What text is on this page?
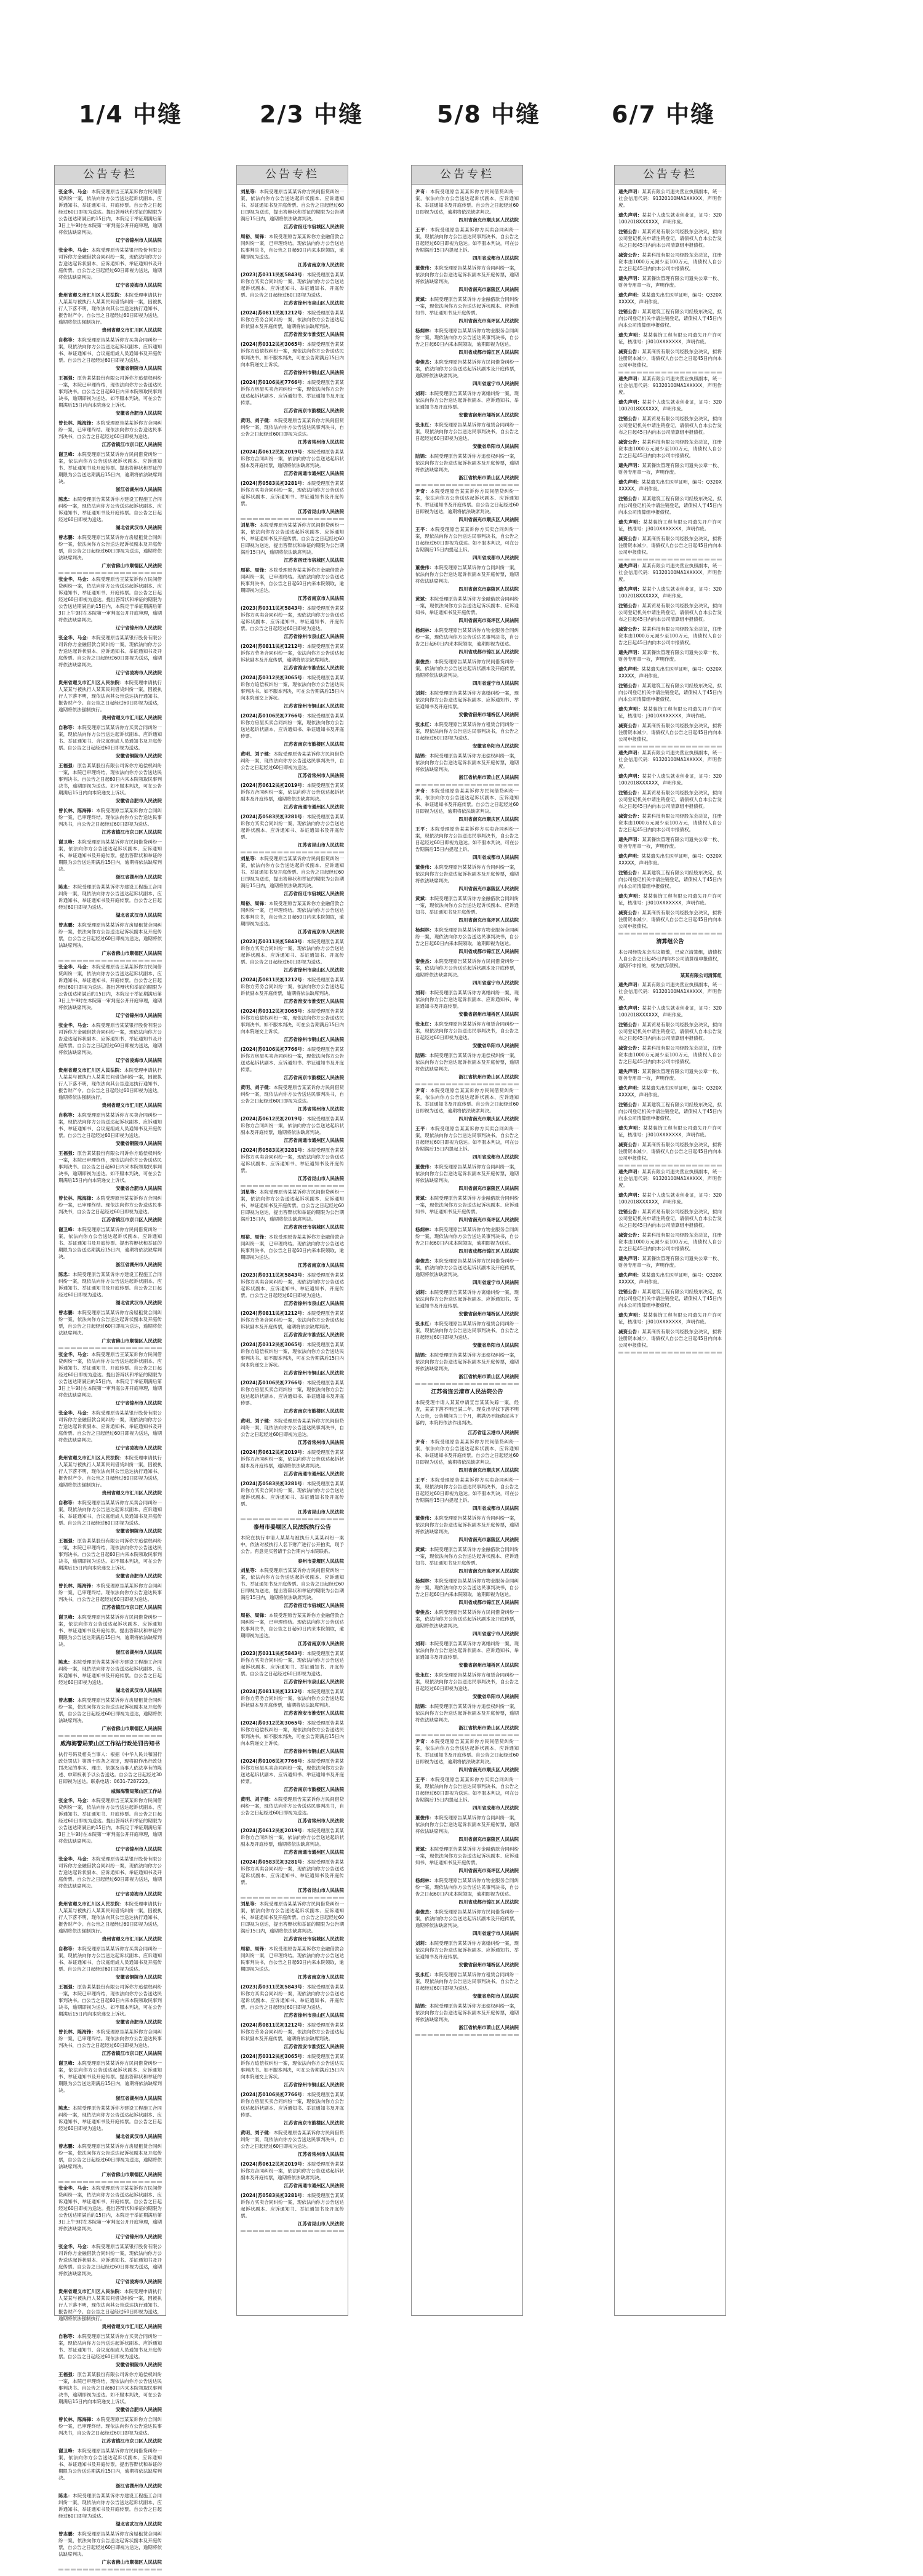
1/4 中缝
公告专栏
张金华、马金：本院受理原告王某某诉你方民间借贷纠纷一案，依法向你方公告送达起诉状副本、应诉通知书、举证通知书、开庭传票。自公告之日起经过60日即视为送达。提出答辩状和举证的期限为公告送达期满后的15日内，本院定于举证期满后第3日上午9时在本院第一审判庭公开开庭审理，逾期将依法缺席判决。
辽宁省锦州市人民法院
张金华、马金：本院受理原告某某银行股份有限公司诉你方金融借款合同纠纷一案，现依法向你方公告送达起诉状副本、应诉通知书、举证通知书及开庭传票。自公告之日起经过60日即视为送达，逾期将依法缺席判决。
辽宁省凌海市人民法院
贵州省遵义市汇川区人民法院：本院受理申请执行人某某与被执行人某某民间借贷纠纷一案，因被执行人下落不明，现依法向其公告送达执行通知书、报告财产令。自公告之日起经过60日即视为送达，逾期将依法强制执行。
贵州省遵义市汇川区人民法院
自称等：本院受理原告某某诉你方买卖合同纠纷一案，现依法向你方公告送达起诉状副本、应诉通知书、举证通知书、合议庭组成人员通知书及开庭传票。自公告之日起经过60日即视为送达。
安徽省铜陵市人民法院
王福强：原告某某股份有限公司诉你方追偿权纠纷一案，本院已审理终结，现依法向你方公告送达民事判决书。自公告之日起60日内来本院领取民事判决书，逾期即视为送达。如不服本判决，可在公告期满后15日内向本院递交上诉状。
安徽省合肥市人民法院
曾长林、陈海锋：本院受理原告某某诉你方合同纠纷一案，已审理终结。现依法向你方公告送达民事判决书，自公告之日起经过60日即视为送达。
江苏省镇江市京口区人民法院
谢卫峰：本院受理原告某某诉你方民间借贷纠纷一案，依法向你方公告送达起诉状副本、应诉通知书、举证通知书及开庭传票。提出答辩状和举证的期限为公告送达期满后15日内，逾期将依法缺席判决。
浙江省湖州市人民法院
陈忠：本院受理原告某某诉你方建设工程施工合同纠纷一案，现依法向你方公告送达起诉状副本、应诉通知书、举证通知书及开庭传票。自公告之日起经过60日即视为送达。
湖北省武汉市人民法院
曾志鹏：本院受理原告某某诉你方房屋租赁合同纠纷一案，依法向你方公告送达起诉状副本及开庭传票，自公告之日起经过60日即视为送达，逾期将依法缺席判决。
广东省佛山市顺德区人民法院
张金华、马金：本院受理原告王某某诉你方民间借贷纠纷一案，依法向你方公告送达起诉状副本、应诉通知书、举证通知书、开庭传票。自公告之日起经过60日即视为送达。提出答辩状和举证的期限为公告送达期满后的15日内，本院定于举证期满后第3日上午9时在本院第一审判庭公开开庭审理，逾期将依法缺席判决。
辽宁省锦州市人民法院
张金华、马金：本院受理原告某某银行股份有限公司诉你方金融借款合同纠纷一案，现依法向你方公告送达起诉状副本、应诉通知书、举证通知书及开庭传票。自公告之日起经过60日即视为送达，逾期将依法缺席判决。
辽宁省凌海市人民法院
贵州省遵义市汇川区人民法院：本院受理申请执行人某某与被执行人某某民间借贷纠纷一案，因被执行人下落不明，现依法向其公告送达执行通知书、报告财产令。自公告之日起经过60日即视为送达，逾期将依法强制执行。
贵州省遵义市汇川区人民法院
自称等：本院受理原告某某诉你方买卖合同纠纷一案，现依法向你方公告送达起诉状副本、应诉通知书、举证通知书、合议庭组成人员通知书及开庭传票。自公告之日起经过60日即视为送达。
安徽省铜陵市人民法院
王福强：原告某某股份有限公司诉你方追偿权纠纷一案，本院已审理终结，现依法向你方公告送达民事判决书。自公告之日起60日内来本院领取民事判决书，逾期即视为送达。如不服本判决，可在公告期满后15日内向本院递交上诉状。
安徽省合肥市人民法院
曾长林、陈海锋：本院受理原告某某诉你方合同纠纷一案，已审理终结。现依法向你方公告送达民事判决书，自公告之日起经过60日即视为送达。
江苏省镇江市京口区人民法院
谢卫峰：本院受理原告某某诉你方民间借贷纠纷一案，依法向你方公告送达起诉状副本、应诉通知书、举证通知书及开庭传票。提出答辩状和举证的期限为公告送达期满后15日内，逾期将依法缺席判决。
浙江省湖州市人民法院
陈忠：本院受理原告某某诉你方建设工程施工合同纠纷一案，现依法向你方公告送达起诉状副本、应诉通知书、举证通知书及开庭传票。自公告之日起经过60日即视为送达。
湖北省武汉市人民法院
曾志鹏：本院受理原告某某诉你方房屋租赁合同纠纷一案，依法向你方公告送达起诉状副本及开庭传票，自公告之日起经过60日即视为送达，逾期将依法缺席判决。
广东省佛山市顺德区人民法院
张金华、马金：本院受理原告王某某诉你方民间借贷纠纷一案，依法向你方公告送达起诉状副本、应诉通知书、举证通知书、开庭传票。自公告之日起经过60日即视为送达。提出答辩状和举证的期限为公告送达期满后的15日内，本院定于举证期满后第3日上午9时在本院第一审判庭公开开庭审理，逾期将依法缺席判决。
辽宁省锦州市人民法院
张金华、马金：本院受理原告某某银行股份有限公司诉你方金融借款合同纠纷一案，现依法向你方公告送达起诉状副本、应诉通知书、举证通知书及开庭传票。自公告之日起经过60日即视为送达，逾期将依法缺席判决。
辽宁省凌海市人民法院
贵州省遵义市汇川区人民法院：本院受理申请执行人某某与被执行人某某民间借贷纠纷一案，因被执行人下落不明，现依法向其公告送达执行通知书、报告财产令。自公告之日起经过60日即视为送达，逾期将依法强制执行。
贵州省遵义市汇川区人民法院
自称等：本院受理原告某某诉你方买卖合同纠纷一案，现依法向你方公告送达起诉状副本、应诉通知书、举证通知书、合议庭组成人员通知书及开庭传票。自公告之日起经过60日即视为送达。
安徽省铜陵市人民法院
王福强：原告某某股份有限公司诉你方追偿权纠纷一案，本院已审理终结，现依法向你方公告送达民事判决书。自公告之日起60日内来本院领取民事判决书，逾期即视为送达。如不服本判决，可在公告期满后15日内向本院递交上诉状。
安徽省合肥市人民法院
曾长林、陈海锋：本院受理原告某某诉你方合同纠纷一案，已审理终结。现依法向你方公告送达民事判决书，自公告之日起经过60日即视为送达。
江苏省镇江市京口区人民法院
谢卫峰：本院受理原告某某诉你方民间借贷纠纷一案，依法向你方公告送达起诉状副本、应诉通知书、举证通知书及开庭传票。提出答辩状和举证的期限为公告送达期满后15日内，逾期将依法缺席判决。
浙江省湖州市人民法院
陈忠：本院受理原告某某诉你方建设工程施工合同纠纷一案，现依法向你方公告送达起诉状副本、应诉通知书、举证通知书及开庭传票。自公告之日起经过60日即视为送达。
湖北省武汉市人民法院
曾志鹏：本院受理原告某某诉你方房屋租赁合同纠纷一案，依法向你方公告送达起诉状副本及开庭传票，自公告之日起经过60日即视为送达，逾期将依法缺席判决。
广东省佛山市顺德区人民法院
张金华、马金：本院受理原告王某某诉你方民间借贷纠纷一案，依法向你方公告送达起诉状副本、应诉通知书、举证通知书、开庭传票。自公告之日起经过60日即视为送达。提出答辩状和举证的期限为公告送达期满后的15日内，本院定于举证期满后第3日上午9时在本院第一审判庭公开开庭审理，逾期将依法缺席判决。
辽宁省锦州市人民法院
张金华、马金：本院受理原告某某银行股份有限公司诉你方金融借款合同纠纷一案，现依法向你方公告送达起诉状副本、应诉通知书、举证通知书及开庭传票。自公告之日起经过60日即视为送达，逾期将依法缺席判决。
辽宁省凌海市人民法院
贵州省遵义市汇川区人民法院：本院受理申请执行人某某与被执行人某某民间借贷纠纷一案，因被执行人下落不明，现依法向其公告送达执行通知书、报告财产令。自公告之日起经过60日即视为送达，逾期将依法强制执行。
贵州省遵义市汇川区人民法院
自称等：本院受理原告某某诉你方买卖合同纠纷一案，现依法向你方公告送达起诉状副本、应诉通知书、举证通知书、合议庭组成人员通知书及开庭传票。自公告之日起经过60日即视为送达。
安徽省铜陵市人民法院
王福强：原告某某股份有限公司诉你方追偿权纠纷一案，本院已审理终结，现依法向你方公告送达民事判决书。自公告之日起60日内来本院领取民事判决书，逾期即视为送达。如不服本判决，可在公告期满后15日内向本院递交上诉状。
安徽省合肥市人民法院
曾长林、陈海锋：本院受理原告某某诉你方合同纠纷一案，已审理终结。现依法向你方公告送达民事判决书，自公告之日起经过60日即视为送达。
江苏省镇江市京口区人民法院
谢卫峰：本院受理原告某某诉你方民间借贷纠纷一案，依法向你方公告送达起诉状副本、应诉通知书、举证通知书及开庭传票。提出答辩状和举证的期限为公告送达期满后15日内，逾期将依法缺席判决。
浙江省湖州市人民法院
陈忠：本院受理原告某某诉你方建设工程施工合同纠纷一案，现依法向你方公告送达起诉状副本、应诉通知书、举证通知书及开庭传票。自公告之日起经过60日即视为送达。
湖北省武汉市人民法院
曾志鹏：本院受理原告某某诉你方房屋租赁合同纠纷一案，依法向你方公告送达起诉状副本及开庭传票，自公告之日起经过60日即视为送达，逾期将依法缺席判决。
广东省佛山市顺德区人民法院
威海海警局莱山区工作站行政处罚告知书
执行号码及相关当事人：根据《中华人民共和国行政处罚法》第四十四条之规定，现将拟作出行政处罚决定的事实、理由、依据及当事人依法享有的陈述、申辩权利予以公告送达。自公告之日起经过30日即视为送达。联系电话：0631-7287223。
威海海警局莱山区工作站
张金华、马金：本院受理原告王某某诉你方民间借贷纠纷一案，依法向你方公告送达起诉状副本、应诉通知书、举证通知书、开庭传票。自公告之日起经过60日即视为送达。提出答辩状和举证的期限为公告送达期满后的15日内，本院定于举证期满后第3日上午9时在本院第一审判庭公开开庭审理，逾期将依法缺席判决。
辽宁省锦州市人民法院
张金华、马金：本院受理原告某某银行股份有限公司诉你方金融借款合同纠纷一案，现依法向你方公告送达起诉状副本、应诉通知书、举证通知书及开庭传票。自公告之日起经过60日即视为送达，逾期将依法缺席判决。
辽宁省凌海市人民法院
贵州省遵义市汇川区人民法院：本院受理申请执行人某某与被执行人某某民间借贷纠纷一案，因被执行人下落不明，现依法向其公告送达执行通知书、报告财产令。自公告之日起经过60日即视为送达，逾期将依法强制执行。
贵州省遵义市汇川区人民法院
自称等：本院受理原告某某诉你方买卖合同纠纷一案，现依法向你方公告送达起诉状副本、应诉通知书、举证通知书、合议庭组成人员通知书及开庭传票。自公告之日起经过60日即视为送达。
安徽省铜陵市人民法院
王福强：原告某某股份有限公司诉你方追偿权纠纷一案，本院已审理终结，现依法向你方公告送达民事判决书。自公告之日起60日内来本院领取民事判决书，逾期即视为送达。如不服本判决，可在公告期满后15日内向本院递交上诉状。
安徽省合肥市人民法院
曾长林、陈海锋：本院受理原告某某诉你方合同纠纷一案，已审理终结。现依法向你方公告送达民事判决书，自公告之日起经过60日即视为送达。
江苏省镇江市京口区人民法院
谢卫峰：本院受理原告某某诉你方民间借贷纠纷一案，依法向你方公告送达起诉状副本、应诉通知书、举证通知书及开庭传票。提出答辩状和举证的期限为公告送达期满后15日内，逾期将依法缺席判决。
浙江省湖州市人民法院
陈忠：本院受理原告某某诉你方建设工程施工合同纠纷一案，现依法向你方公告送达起诉状副本、应诉通知书、举证通知书及开庭传票。自公告之日起经过60日即视为送达。
湖北省武汉市人民法院
曾志鹏：本院受理原告某某诉你方房屋租赁合同纠纷一案，依法向你方公告送达起诉状副本及开庭传票，自公告之日起经过60日即视为送达，逾期将依法缺席判决。
广东省佛山市顺德区人民法院
张金华、马金：本院受理原告王某某诉你方民间借贷纠纷一案，依法向你方公告送达起诉状副本、应诉通知书、举证通知书、开庭传票。自公告之日起经过60日即视为送达。提出答辩状和举证的期限为公告送达期满后的15日内，本院定于举证期满后第3日上午9时在本院第一审判庭公开开庭审理，逾期将依法缺席判决。
辽宁省锦州市人民法院
张金华、马金：本院受理原告某某银行股份有限公司诉你方金融借款合同纠纷一案，现依法向你方公告送达起诉状副本、应诉通知书、举证通知书及开庭传票。自公告之日起经过60日即视为送达，逾期将依法缺席判决。
辽宁省凌海市人民法院
贵州省遵义市汇川区人民法院：本院受理申请执行人某某与被执行人某某民间借贷纠纷一案，因被执行人下落不明，现依法向其公告送达执行通知书、报告财产令。自公告之日起经过60日即视为送达，逾期将依法强制执行。
贵州省遵义市汇川区人民法院
自称等：本院受理原告某某诉你方买卖合同纠纷一案，现依法向你方公告送达起诉状副本、应诉通知书、举证通知书、合议庭组成人员通知书及开庭传票。自公告之日起经过60日即视为送达。
安徽省铜陵市人民法院
王福强：原告某某股份有限公司诉你方追偿权纠纷一案，本院已审理终结，现依法向你方公告送达民事判决书。自公告之日起60日内来本院领取民事判决书，逾期即视为送达。如不服本判决，可在公告期满后15日内向本院递交上诉状。
安徽省合肥市人民法院
曾长林、陈海锋：本院受理原告某某诉你方合同纠纷一案，已审理终结。现依法向你方公告送达民事判决书，自公告之日起经过60日即视为送达。
江苏省镇江市京口区人民法院
谢卫峰：本院受理原告某某诉你方民间借贷纠纷一案，依法向你方公告送达起诉状副本、应诉通知书、举证通知书及开庭传票。提出答辩状和举证的期限为公告送达期满后15日内，逾期将依法缺席判决。
浙江省湖州市人民法院
陈忠：本院受理原告某某诉你方建设工程施工合同纠纷一案，现依法向你方公告送达起诉状副本、应诉通知书、举证通知书及开庭传票。自公告之日起经过60日即视为送达。
湖北省武汉市人民法院
曾志鹏：本院受理原告某某诉你方房屋租赁合同纠纷一案，依法向你方公告送达起诉状副本及开庭传票，自公告之日起经过60日即视为送达，逾期将依法缺席判决。
广东省佛山市顺德区人民法院
2/3 中缝
公告专栏
刘星等：本院受理原告某某诉你方民间借贷纠纷一案，依法向你方公告送达起诉状副本、应诉通知书、举证通知书及开庭传票。自公告之日起经过60日即视为送达，提出答辩状和举证的期限为公告期满后15日内，逾期将依法缺席判决。
江苏省宿迁市宿城区人民法院
周裕、周锋：本院受理原告某某诉你方金融借款合同纠纷一案，已审理终结。现依法向你方公告送达民事判决书，自公告之日起60日内来本院领取，逾期即视为送达。
江苏省南京市人民法院
(2023)苏0311民初5843号：本院受理原告某某诉你方买卖合同纠纷一案，现依法向你方公告送达起诉状副本、应诉通知书、举证通知书、开庭传票。自公告之日起经过60日即视为送达。
江苏省徐州市泉山区人民法院
(2024)苏0811民初1212号：本院受理原告某某诉你方劳务合同纠纷一案，依法向你方公告送达起诉状副本及开庭传票，逾期将依法缺席判决。
江苏省淮安市淮安区人民法院
(2024)苏0312民初3065号：本院受理原告某某诉你方追偿权纠纷一案，现依法向你方公告送达民事判决书。如不服本判决，可在公告期满后15日内向本院递交上诉状。
江苏省徐州市铜山区人民法院
(2024)苏0106民初7766号：本院受理原告某某诉你方房屋买卖合同纠纷一案，现依法向你方公告送达起诉状副本、应诉通知书、举证通知书及开庭传票。
江苏省南京市鼓楼区人民法院
黄明、刘子健：本院受理原告某某诉你方民间借贷纠纷一案，现依法向你方公告送达民事判决书，自公告之日起经过60日即视为送达。
江苏省常州市人民法院
(2024)苏0612民初2019号：本院受理原告某某诉你方合同纠纷一案，依法向你方公告送达起诉状副本及开庭传票，逾期将依法缺席判决。
江苏省南通市通州区人民法院
(2024)苏0583民初3281号：本院受理原告某某诉你方买卖合同纠纷一案，现依法向你方公告送达起诉状副本、应诉通知书、举证通知书及开庭传票。
江苏省昆山市人民法院
刘星等：本院受理原告某某诉你方民间借贷纠纷一案，依法向你方公告送达起诉状副本、应诉通知书、举证通知书及开庭传票。自公告之日起经过60日即视为送达，提出答辩状和举证的期限为公告期满后15日内，逾期将依法缺席判决。
江苏省宿迁市宿城区人民法院
周裕、周锋：本院受理原告某某诉你方金融借款合同纠纷一案，已审理终结。现依法向你方公告送达民事判决书，自公告之日起60日内来本院领取，逾期即视为送达。
江苏省南京市人民法院
(2023)苏0311民初5843号：本院受理原告某某诉你方买卖合同纠纷一案，现依法向你方公告送达起诉状副本、应诉通知书、举证通知书、开庭传票。自公告之日起经过60日即视为送达。
江苏省徐州市泉山区人民法院
(2024)苏0811民初1212号：本院受理原告某某诉你方劳务合同纠纷一案，依法向你方公告送达起诉状副本及开庭传票，逾期将依法缺席判决。
江苏省淮安市淮安区人民法院
(2024)苏0312民初3065号：本院受理原告某某诉你方追偿权纠纷一案，现依法向你方公告送达民事判决书。如不服本判决，可在公告期满后15日内向本院递交上诉状。
江苏省徐州市铜山区人民法院
(2024)苏0106民初7766号：本院受理原告某某诉你方房屋买卖合同纠纷一案，现依法向你方公告送达起诉状副本、应诉通知书、举证通知书及开庭传票。
江苏省南京市鼓楼区人民法院
黄明、刘子健：本院受理原告某某诉你方民间借贷纠纷一案，现依法向你方公告送达民事判决书，自公告之日起经过60日即视为送达。
江苏省常州市人民法院
(2024)苏0612民初2019号：本院受理原告某某诉你方合同纠纷一案，依法向你方公告送达起诉状副本及开庭传票，逾期将依法缺席判决。
江苏省南通市通州区人民法院
(2024)苏0583民初3281号：本院受理原告某某诉你方买卖合同纠纷一案，现依法向你方公告送达起诉状副本、应诉通知书、举证通知书及开庭传票。
江苏省昆山市人民法院
刘星等：本院受理原告某某诉你方民间借贷纠纷一案，依法向你方公告送达起诉状副本、应诉通知书、举证通知书及开庭传票。自公告之日起经过60日即视为送达，提出答辩状和举证的期限为公告期满后15日内，逾期将依法缺席判决。
江苏省宿迁市宿城区人民法院
周裕、周锋：本院受理原告某某诉你方金融借款合同纠纷一案，已审理终结。现依法向你方公告送达民事判决书，自公告之日起60日内来本院领取，逾期即视为送达。
江苏省南京市人民法院
(2023)苏0311民初5843号：本院受理原告某某诉你方买卖合同纠纷一案，现依法向你方公告送达起诉状副本、应诉通知书、举证通知书、开庭传票。自公告之日起经过60日即视为送达。
江苏省徐州市泉山区人民法院
(2024)苏0811民初1212号：本院受理原告某某诉你方劳务合同纠纷一案，依法向你方公告送达起诉状副本及开庭传票，逾期将依法缺席判决。
江苏省淮安市淮安区人民法院
(2024)苏0312民初3065号：本院受理原告某某诉你方追偿权纠纷一案，现依法向你方公告送达民事判决书。如不服本判决，可在公告期满后15日内向本院递交上诉状。
江苏省徐州市铜山区人民法院
(2024)苏0106民初7766号：本院受理原告某某诉你方房屋买卖合同纠纷一案，现依法向你方公告送达起诉状副本、应诉通知书、举证通知书及开庭传票。
江苏省南京市鼓楼区人民法院
黄明、刘子健：本院受理原告某某诉你方民间借贷纠纷一案，现依法向你方公告送达民事判决书，自公告之日起经过60日即视为送达。
江苏省常州市人民法院
(2024)苏0612民初2019号：本院受理原告某某诉你方合同纠纷一案，依法向你方公告送达起诉状副本及开庭传票，逾期将依法缺席判决。
江苏省南通市通州区人民法院
(2024)苏0583民初3281号：本院受理原告某某诉你方买卖合同纠纷一案，现依法向你方公告送达起诉状副本、应诉通知书、举证通知书及开庭传票。
江苏省昆山市人民法院
刘星等：本院受理原告某某诉你方民间借贷纠纷一案，依法向你方公告送达起诉状副本、应诉通知书、举证通知书及开庭传票。自公告之日起经过60日即视为送达，提出答辩状和举证的期限为公告期满后15日内，逾期将依法缺席判决。
江苏省宿迁市宿城区人民法院
周裕、周锋：本院受理原告某某诉你方金融借款合同纠纷一案，已审理终结。现依法向你方公告送达民事判决书，自公告之日起60日内来本院领取，逾期即视为送达。
江苏省南京市人民法院
(2023)苏0311民初5843号：本院受理原告某某诉你方买卖合同纠纷一案，现依法向你方公告送达起诉状副本、应诉通知书、举证通知书、开庭传票。自公告之日起经过60日即视为送达。
江苏省徐州市泉山区人民法院
(2024)苏0811民初1212号：本院受理原告某某诉你方劳务合同纠纷一案，依法向你方公告送达起诉状副本及开庭传票，逾期将依法缺席判决。
江苏省淮安市淮安区人民法院
(2024)苏0312民初3065号：本院受理原告某某诉你方追偿权纠纷一案，现依法向你方公告送达民事判决书。如不服本判决，可在公告期满后15日内向本院递交上诉状。
江苏省徐州市铜山区人民法院
(2024)苏0106民初7766号：本院受理原告某某诉你方房屋买卖合同纠纷一案，现依法向你方公告送达起诉状副本、应诉通知书、举证通知书及开庭传票。
江苏省南京市鼓楼区人民法院
黄明、刘子健：本院受理原告某某诉你方民间借贷纠纷一案，现依法向你方公告送达民事判决书，自公告之日起经过60日即视为送达。
江苏省常州市人民法院
(2024)苏0612民初2019号：本院受理原告某某诉你方合同纠纷一案，依法向你方公告送达起诉状副本及开庭传票，逾期将依法缺席判决。
江苏省南通市通州区人民法院
(2024)苏0583民初3281号：本院受理原告某某诉你方买卖合同纠纷一案，现依法向你方公告送达起诉状副本、应诉通知书、举证通知书及开庭传票。
江苏省昆山市人民法院
泰州市姜堰区人民法院执行公告
本院在执行申请人某某与被执行人某某纠纷一案中，依法对被执行人名下财产进行公开拍卖，现予公告。有意竞买者请于公告期内与本院联系。
泰州市姜堰区人民法院
刘星等：本院受理原告某某诉你方民间借贷纠纷一案，依法向你方公告送达起诉状副本、应诉通知书、举证通知书及开庭传票。自公告之日起经过60日即视为送达，提出答辩状和举证的期限为公告期满后15日内，逾期将依法缺席判决。
江苏省宿迁市宿城区人民法院
周裕、周锋：本院受理原告某某诉你方金融借款合同纠纷一案，已审理终结。现依法向你方公告送达民事判决书，自公告之日起60日内来本院领取，逾期即视为送达。
江苏省南京市人民法院
(2023)苏0311民初5843号：本院受理原告某某诉你方买卖合同纠纷一案，现依法向你方公告送达起诉状副本、应诉通知书、举证通知书、开庭传票。自公告之日起经过60日即视为送达。
江苏省徐州市泉山区人民法院
(2024)苏0811民初1212号：本院受理原告某某诉你方劳务合同纠纷一案，依法向你方公告送达起诉状副本及开庭传票，逾期将依法缺席判决。
江苏省淮安市淮安区人民法院
(2024)苏0312民初3065号：本院受理原告某某诉你方追偿权纠纷一案，现依法向你方公告送达民事判决书。如不服本判决，可在公告期满后15日内向本院递交上诉状。
江苏省徐州市铜山区人民法院
(2024)苏0106民初7766号：本院受理原告某某诉你方房屋买卖合同纠纷一案，现依法向你方公告送达起诉状副本、应诉通知书、举证通知书及开庭传票。
江苏省南京市鼓楼区人民法院
黄明、刘子健：本院受理原告某某诉你方民间借贷纠纷一案，现依法向你方公告送达民事判决书，自公告之日起经过60日即视为送达。
江苏省常州市人民法院
(2024)苏0612民初2019号：本院受理原告某某诉你方合同纠纷一案，依法向你方公告送达起诉状副本及开庭传票，逾期将依法缺席判决。
江苏省南通市通州区人民法院
(2024)苏0583民初3281号：本院受理原告某某诉你方买卖合同纠纷一案，现依法向你方公告送达起诉状副本、应诉通知书、举证通知书及开庭传票。
江苏省昆山市人民法院
刘星等：本院受理原告某某诉你方民间借贷纠纷一案，依法向你方公告送达起诉状副本、应诉通知书、举证通知书及开庭传票。自公告之日起经过60日即视为送达，提出答辩状和举证的期限为公告期满后15日内，逾期将依法缺席判决。
江苏省宿迁市宿城区人民法院
周裕、周锋：本院受理原告某某诉你方金融借款合同纠纷一案，已审理终结。现依法向你方公告送达民事判决书，自公告之日起60日内来本院领取，逾期即视为送达。
江苏省南京市人民法院
(2023)苏0311民初5843号：本院受理原告某某诉你方买卖合同纠纷一案，现依法向你方公告送达起诉状副本、应诉通知书、举证通知书、开庭传票。自公告之日起经过60日即视为送达。
江苏省徐州市泉山区人民法院
(2024)苏0811民初1212号：本院受理原告某某诉你方劳务合同纠纷一案，依法向你方公告送达起诉状副本及开庭传票，逾期将依法缺席判决。
江苏省淮安市淮安区人民法院
(2024)苏0312民初3065号：本院受理原告某某诉你方追偿权纠纷一案，现依法向你方公告送达民事判决书。如不服本判决，可在公告期满后15日内向本院递交上诉状。
江苏省徐州市铜山区人民法院
(2024)苏0106民初7766号：本院受理原告某某诉你方房屋买卖合同纠纷一案，现依法向你方公告送达起诉状副本、应诉通知书、举证通知书及开庭传票。
江苏省南京市鼓楼区人民法院
黄明、刘子健：本院受理原告某某诉你方民间借贷纠纷一案，现依法向你方公告送达民事判决书，自公告之日起经过60日即视为送达。
江苏省常州市人民法院
(2024)苏0612民初2019号：本院受理原告某某诉你方合同纠纷一案，依法向你方公告送达起诉状副本及开庭传票，逾期将依法缺席判决。
江苏省南通市通州区人民法院
(2024)苏0583民初3281号：本院受理原告某某诉你方买卖合同纠纷一案，现依法向你方公告送达起诉状副本、应诉通知书、举证通知书及开庭传票。
江苏省昆山市人民法院
5/8 中缝
公告专栏
尹奇：本院受理原告某某诉你方民间借贷纠纷一案，依法向你方公告送达起诉状副本、应诉通知书、举证通知书及开庭传票。自公告之日起经过60日即视为送达，逾期将依法缺席判决。
四川省南充市顺庆区人民法院
王平：本院受理原告某某诉你方买卖合同纠纷一案，现依法向你方公告送达民事判决书，自公告之日起经过60日即视为送达。如不服本判决，可在公告期满后15日内提起上诉。
四川省成都市人民法院
董俊伟：本院受理原告某某诉你方合同纠纷一案，依法向你方公告送达起诉状副本及开庭传票，逾期将依法缺席判决。
四川省南充市嘉陵区人民法院
黄斌：本院受理原告某某诉你方金融借款合同纠纷一案，现依法向你方公告送达起诉状副本、应诉通知书、举证通知书及开庭传票。
四川省南充市高坪区人民法院
杨炳林：本院受理原告某某诉你方物业服务合同纠纷一案，现依法向你方公告送达民事判决书，自公告之日起60日内来本院领取，逾期即视为送达。
四川省成都市锦江区人民法院
秦俊杰：本院受理原告某某诉你方民间借贷纠纷一案，依法向你方公告送达起诉状副本及开庭传票，逾期将依法缺席判决。
四川省遂宁市人民法院
刘莉：本院受理原告某某诉你方离婚纠纷一案，现依法向你方公告送达起诉状副本、应诉通知书、举证通知书及开庭传票。
安徽省宿州市埇桥区人民法院
张永红：本院受理原告某某诉你方租赁合同纠纷一案，现依法向你方公告送达民事判决书，自公告之日起经过60日即视为送达。
安徽省阜阳市人民法院
陆锦：本院受理原告某某诉你方追偿权纠纷一案，依法向你方公告送达起诉状副本及开庭传票，逾期将依法缺席判决。
浙江省杭州市萧山区人民法院
尹奇：本院受理原告某某诉你方民间借贷纠纷一案，依法向你方公告送达起诉状副本、应诉通知书、举证通知书及开庭传票。自公告之日起经过60日即视为送达，逾期将依法缺席判决。
四川省南充市顺庆区人民法院
王平：本院受理原告某某诉你方买卖合同纠纷一案，现依法向你方公告送达民事判决书，自公告之日起经过60日即视为送达。如不服本判决，可在公告期满后15日内提起上诉。
四川省成都市人民法院
董俊伟：本院受理原告某某诉你方合同纠纷一案，依法向你方公告送达起诉状副本及开庭传票，逾期将依法缺席判决。
四川省南充市嘉陵区人民法院
黄斌：本院受理原告某某诉你方金融借款合同纠纷一案，现依法向你方公告送达起诉状副本、应诉通知书、举证通知书及开庭传票。
四川省南充市高坪区人民法院
杨炳林：本院受理原告某某诉你方物业服务合同纠纷一案，现依法向你方公告送达民事判决书，自公告之日起60日内来本院领取，逾期即视为送达。
四川省成都市锦江区人民法院
秦俊杰：本院受理原告某某诉你方民间借贷纠纷一案，依法向你方公告送达起诉状副本及开庭传票，逾期将依法缺席判决。
四川省遂宁市人民法院
刘莉：本院受理原告某某诉你方离婚纠纷一案，现依法向你方公告送达起诉状副本、应诉通知书、举证通知书及开庭传票。
安徽省宿州市埇桥区人民法院
张永红：本院受理原告某某诉你方租赁合同纠纷一案，现依法向你方公告送达民事判决书，自公告之日起经过60日即视为送达。
安徽省阜阳市人民法院
陆锦：本院受理原告某某诉你方追偿权纠纷一案，依法向你方公告送达起诉状副本及开庭传票，逾期将依法缺席判决。
浙江省杭州市萧山区人民法院
尹奇：本院受理原告某某诉你方民间借贷纠纷一案，依法向你方公告送达起诉状副本、应诉通知书、举证通知书及开庭传票。自公告之日起经过60日即视为送达，逾期将依法缺席判决。
四川省南充市顺庆区人民法院
王平：本院受理原告某某诉你方买卖合同纠纷一案，现依法向你方公告送达民事判决书，自公告之日起经过60日即视为送达。如不服本判决，可在公告期满后15日内提起上诉。
四川省成都市人民法院
董俊伟：本院受理原告某某诉你方合同纠纷一案，依法向你方公告送达起诉状副本及开庭传票，逾期将依法缺席判决。
四川省南充市嘉陵区人民法院
黄斌：本院受理原告某某诉你方金融借款合同纠纷一案，现依法向你方公告送达起诉状副本、应诉通知书、举证通知书及开庭传票。
四川省南充市高坪区人民法院
杨炳林：本院受理原告某某诉你方物业服务合同纠纷一案，现依法向你方公告送达民事判决书，自公告之日起60日内来本院领取，逾期即视为送达。
四川省成都市锦江区人民法院
秦俊杰：本院受理原告某某诉你方民间借贷纠纷一案，依法向你方公告送达起诉状副本及开庭传票，逾期将依法缺席判决。
四川省遂宁市人民法院
刘莉：本院受理原告某某诉你方离婚纠纷一案，现依法向你方公告送达起诉状副本、应诉通知书、举证通知书及开庭传票。
安徽省宿州市埇桥区人民法院
张永红：本院受理原告某某诉你方租赁合同纠纷一案，现依法向你方公告送达民事判决书，自公告之日起经过60日即视为送达。
安徽省阜阳市人民法院
陆锦：本院受理原告某某诉你方追偿权纠纷一案，依法向你方公告送达起诉状副本及开庭传票，逾期将依法缺席判决。
浙江省杭州市萧山区人民法院
尹奇：本院受理原告某某诉你方民间借贷纠纷一案，依法向你方公告送达起诉状副本、应诉通知书、举证通知书及开庭传票。自公告之日起经过60日即视为送达，逾期将依法缺席判决。
四川省南充市顺庆区人民法院
王平：本院受理原告某某诉你方买卖合同纠纷一案，现依法向你方公告送达民事判决书，自公告之日起经过60日即视为送达。如不服本判决，可在公告期满后15日内提起上诉。
四川省成都市人民法院
董俊伟：本院受理原告某某诉你方合同纠纷一案，依法向你方公告送达起诉状副本及开庭传票，逾期将依法缺席判决。
四川省南充市嘉陵区人民法院
黄斌：本院受理原告某某诉你方金融借款合同纠纷一案，现依法向你方公告送达起诉状副本、应诉通知书、举证通知书及开庭传票。
四川省南充市高坪区人民法院
杨炳林：本院受理原告某某诉你方物业服务合同纠纷一案，现依法向你方公告送达民事判决书，自公告之日起60日内来本院领取，逾期即视为送达。
四川省成都市锦江区人民法院
秦俊杰：本院受理原告某某诉你方民间借贷纠纷一案，依法向你方公告送达起诉状副本及开庭传票，逾期将依法缺席判决。
四川省遂宁市人民法院
刘莉：本院受理原告某某诉你方离婚纠纷一案，现依法向你方公告送达起诉状副本、应诉通知书、举证通知书及开庭传票。
安徽省宿州市埇桥区人民法院
张永红：本院受理原告某某诉你方租赁合同纠纷一案，现依法向你方公告送达民事判决书，自公告之日起经过60日即视为送达。
安徽省阜阳市人民法院
陆锦：本院受理原告某某诉你方追偿权纠纷一案，依法向你方公告送达起诉状副本及开庭传票，逾期将依法缺席判决。
浙江省杭州市萧山区人民法院
江苏省连云港市人民法院公告
本院受理申请人某某申请宣告某某失踪一案，经查，某某下落不明已满二年。现发出寻找下落不明人公告，公告期间为三个月，期满仍不能确定其下落的，本院将依法作出判决。
江苏省连云港市人民法院
尹奇：本院受理原告某某诉你方民间借贷纠纷一案，依法向你方公告送达起诉状副本、应诉通知书、举证通知书及开庭传票。自公告之日起经过60日即视为送达，逾期将依法缺席判决。
四川省南充市顺庆区人民法院
王平：本院受理原告某某诉你方买卖合同纠纷一案，现依法向你方公告送达民事判决书，自公告之日起经过60日即视为送达。如不服本判决，可在公告期满后15日内提起上诉。
四川省成都市人民法院
董俊伟：本院受理原告某某诉你方合同纠纷一案，依法向你方公告送达起诉状副本及开庭传票，逾期将依法缺席判决。
四川省南充市嘉陵区人民法院
黄斌：本院受理原告某某诉你方金融借款合同纠纷一案，现依法向你方公告送达起诉状副本、应诉通知书、举证通知书及开庭传票。
四川省南充市高坪区人民法院
杨炳林：本院受理原告某某诉你方物业服务合同纠纷一案，现依法向你方公告送达民事判决书，自公告之日起60日内来本院领取，逾期即视为送达。
四川省成都市锦江区人民法院
秦俊杰：本院受理原告某某诉你方民间借贷纠纷一案，依法向你方公告送达起诉状副本及开庭传票，逾期将依法缺席判决。
四川省遂宁市人民法院
刘莉：本院受理原告某某诉你方离婚纠纷一案，现依法向你方公告送达起诉状副本、应诉通知书、举证通知书及开庭传票。
安徽省宿州市埇桥区人民法院
张永红：本院受理原告某某诉你方租赁合同纠纷一案，现依法向你方公告送达民事判决书，自公告之日起经过60日即视为送达。
安徽省阜阳市人民法院
陆锦：本院受理原告某某诉你方追偿权纠纷一案，依法向你方公告送达起诉状副本及开庭传票，逾期将依法缺席判决。
浙江省杭州市萧山区人民法院
尹奇：本院受理原告某某诉你方民间借贷纠纷一案，依法向你方公告送达起诉状副本、应诉通知书、举证通知书及开庭传票。自公告之日起经过60日即视为送达，逾期将依法缺席判决。
四川省南充市顺庆区人民法院
王平：本院受理原告某某诉你方买卖合同纠纷一案，现依法向你方公告送达民事判决书，自公告之日起经过60日即视为送达。如不服本判决，可在公告期满后15日内提起上诉。
四川省成都市人民法院
董俊伟：本院受理原告某某诉你方合同纠纷一案，依法向你方公告送达起诉状副本及开庭传票，逾期将依法缺席判决。
四川省南充市嘉陵区人民法院
黄斌：本院受理原告某某诉你方金融借款合同纠纷一案，现依法向你方公告送达起诉状副本、应诉通知书、举证通知书及开庭传票。
四川省南充市高坪区人民法院
杨炳林：本院受理原告某某诉你方物业服务合同纠纷一案，现依法向你方公告送达民事判决书，自公告之日起60日内来本院领取，逾期即视为送达。
四川省成都市锦江区人民法院
秦俊杰：本院受理原告某某诉你方民间借贷纠纷一案，依法向你方公告送达起诉状副本及开庭传票，逾期将依法缺席判决。
四川省遂宁市人民法院
刘莉：本院受理原告某某诉你方离婚纠纷一案，现依法向你方公告送达起诉状副本、应诉通知书、举证通知书及开庭传票。
安徽省宿州市埇桥区人民法院
张永红：本院受理原告某某诉你方租赁合同纠纷一案，现依法向你方公告送达民事判决书，自公告之日起经过60日即视为送达。
安徽省阜阳市人民法院
陆锦：本院受理原告某某诉你方追偿权纠纷一案，依法向你方公告送达起诉状副本及开庭传票，逾期将依法缺席判决。
浙江省杭州市萧山区人民法院
6/7 中缝
公告专栏
遗失声明：某某有限公司遗失营业执照副本，统一社会信用代码：91320100MA1XXXXX，声明作废。
遗失声明：某某个人遗失就业创业证，证号：3201002018XXXXXX，声明作废。
注销公告：某某贸易有限公司经股东会决议，拟向公司登记机关申请注销登记，请债权人自本公告发布之日起45日内向本公司清算组申报债权。
减资公告：某某科技有限公司经股东会决议，注册资本由1000万元减少至100万元，请债权人自公告之日起45日内向本公司申报债权。
遗失声明：某某餐饮管理有限公司遗失公章一枚、财务专用章一枚，声明作废。
遗失声明：某某遗失出生医学证明，编号：Q320XXXXXX，声明作废。
注销公告：某某建筑工程有限公司经股东决定，拟向公司登记机关申请注销登记，请债权人于45日内向本公司清算组申报债权。
遗失声明：某某装饰工程有限公司遗失开户许可证，核准号：J3010XXXXXXX，声明作废。
减资公告：某某商贸有限公司经股东会决议，拟将注册资本减少，请债权人自公告之日起45日内向本公司申报债权。
遗失声明：某某有限公司遗失营业执照副本，统一社会信用代码：91320100MA1XXXXX，声明作废。
遗失声明：某某个人遗失就业创业证，证号：3201002018XXXXXX，声明作废。
注销公告：某某贸易有限公司经股东会决议，拟向公司登记机关申请注销登记，请债权人自本公告发布之日起45日内向本公司清算组申报债权。
减资公告：某某科技有限公司经股东会决议，注册资本由1000万元减少至100万元，请债权人自公告之日起45日内向本公司申报债权。
遗失声明：某某餐饮管理有限公司遗失公章一枚、财务专用章一枚，声明作废。
遗失声明：某某遗失出生医学证明，编号：Q320XXXXXX，声明作废。
注销公告：某某建筑工程有限公司经股东决定，拟向公司登记机关申请注销登记，请债权人于45日内向本公司清算组申报债权。
遗失声明：某某装饰工程有限公司遗失开户许可证，核准号：J3010XXXXXXX，声明作废。
减资公告：某某商贸有限公司经股东会决议，拟将注册资本减少，请债权人自公告之日起45日内向本公司申报债权。
遗失声明：某某有限公司遗失营业执照副本，统一社会信用代码：91320100MA1XXXXX，声明作废。
遗失声明：某某个人遗失就业创业证，证号：3201002018XXXXXX，声明作废。
注销公告：某某贸易有限公司经股东会决议，拟向公司登记机关申请注销登记，请债权人自本公告发布之日起45日内向本公司清算组申报债权。
减资公告：某某科技有限公司经股东会决议，注册资本由1000万元减少至100万元，请债权人自公告之日起45日内向本公司申报债权。
遗失声明：某某餐饮管理有限公司遗失公章一枚、财务专用章一枚，声明作废。
遗失声明：某某遗失出生医学证明，编号：Q320XXXXXX，声明作废。
注销公告：某某建筑工程有限公司经股东决定，拟向公司登记机关申请注销登记，请债权人于45日内向本公司清算组申报债权。
遗失声明：某某装饰工程有限公司遗失开户许可证，核准号：J3010XXXXXXX，声明作废。
减资公告：某某商贸有限公司经股东会决议，拟将注册资本减少，请债权人自公告之日起45日内向本公司申报债权。
遗失声明：某某有限公司遗失营业执照副本，统一社会信用代码：91320100MA1XXXXX，声明作废。
遗失声明：某某个人遗失就业创业证，证号：3201002018XXXXXX，声明作废。
注销公告：某某贸易有限公司经股东会决议，拟向公司登记机关申请注销登记，请债权人自本公告发布之日起45日内向本公司清算组申报债权。
减资公告：某某科技有限公司经股东会决议，注册资本由1000万元减少至100万元，请债权人自公告之日起45日内向本公司申报债权。
遗失声明：某某餐饮管理有限公司遗失公章一枚、财务专用章一枚，声明作废。
遗失声明：某某遗失出生医学证明，编号：Q320XXXXXX，声明作废。
注销公告：某某建筑工程有限公司经股东决定，拟向公司登记机关申请注销登记，请债权人于45日内向本公司清算组申报债权。
遗失声明：某某装饰工程有限公司遗失开户许可证，核准号：J3010XXXXXXX，声明作废。
减资公告：某某商贸有限公司经股东会决议，拟将注册资本减少，请债权人自公告之日起45日内向本公司申报债权。
清算组公告
本公司经股东会决议解散，已成立清算组，请债权人自公告之日起45日内向本公司清算组申报债权，逾期不申报的，视为放弃债权。
某某有限公司清算组
遗失声明：某某有限公司遗失营业执照副本，统一社会信用代码：91320100MA1XXXXX，声明作废。
遗失声明：某某个人遗失就业创业证，证号：3201002018XXXXXX，声明作废。
注销公告：某某贸易有限公司经股东会决议，拟向公司登记机关申请注销登记，请债权人自本公告发布之日起45日内向本公司清算组申报债权。
减资公告：某某科技有限公司经股东会决议，注册资本由1000万元减少至100万元，请债权人自公告之日起45日内向本公司申报债权。
遗失声明：某某餐饮管理有限公司遗失公章一枚、财务专用章一枚，声明作废。
遗失声明：某某遗失出生医学证明，编号：Q320XXXXXX，声明作废。
注销公告：某某建筑工程有限公司经股东决定，拟向公司登记机关申请注销登记，请债权人于45日内向本公司清算组申报债权。
遗失声明：某某装饰工程有限公司遗失开户许可证，核准号：J3010XXXXXXX，声明作废。
减资公告：某某商贸有限公司经股东会决议，拟将注册资本减少，请债权人自公告之日起45日内向本公司申报债权。
遗失声明：某某有限公司遗失营业执照副本，统一社会信用代码：91320100MA1XXXXX，声明作废。
遗失声明：某某个人遗失就业创业证，证号：3201002018XXXXXX，声明作废。
注销公告：某某贸易有限公司经股东会决议，拟向公司登记机关申请注销登记，请债权人自本公告发布之日起45日内向本公司清算组申报债权。
减资公告：某某科技有限公司经股东会决议，注册资本由1000万元减少至100万元，请债权人自公告之日起45日内向本公司申报债权。
遗失声明：某某餐饮管理有限公司遗失公章一枚、财务专用章一枚，声明作废。
遗失声明：某某遗失出生医学证明，编号：Q320XXXXXX，声明作废。
注销公告：某某建筑工程有限公司经股东决定，拟向公司登记机关申请注销登记，请债权人于45日内向本公司清算组申报债权。
遗失声明：某某装饰工程有限公司遗失开户许可证，核准号：J3010XXXXXXX，声明作废。
减资公告：某某商贸有限公司经股东会决议，拟将注册资本减少，请债权人自公告之日起45日内向本公司申报债权。
